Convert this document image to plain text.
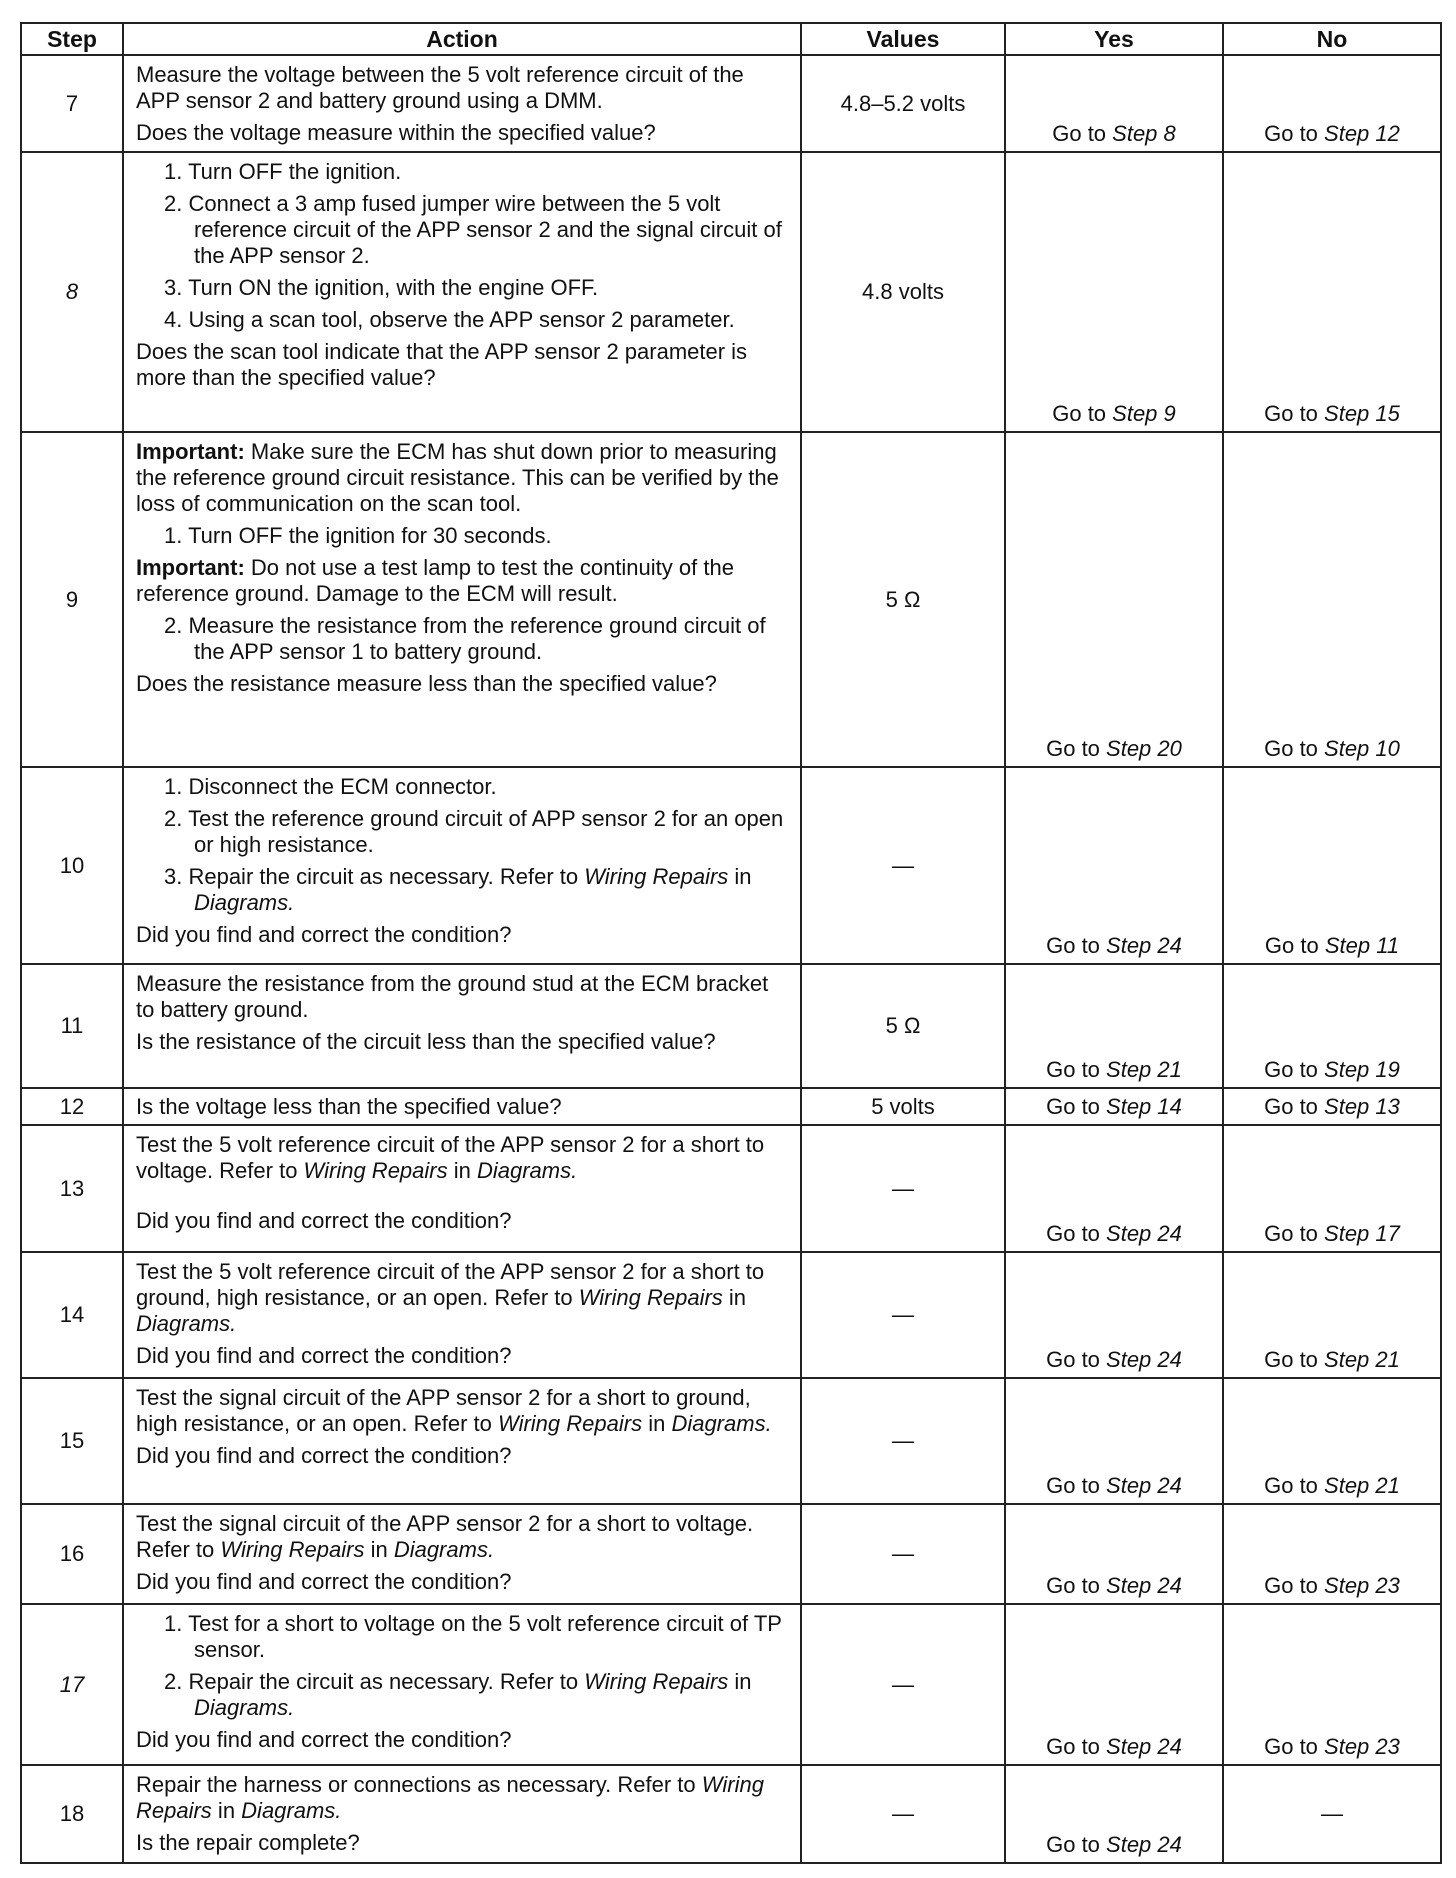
Step	Action	Values	Yes	No
7	Measure the voltage between the 5 volt reference circuit of the APP sensor 2 and battery ground using a DMM.
Does the voltage measure within the specified value?	4.8–5.2 volts	Go to Step 8	Go to Step 12
8	1. Turn OFF the ignition.
2. Connect a 3 amp fused jumper wire between the 5 volt reference circuit of the APP sensor 2 and the signal circuit of the APP sensor 2.
3. Turn ON the ignition, with the engine OFF.
4. Using a scan tool, observe the APP sensor 2 parameter.
Does the scan tool indicate that the APP sensor 2 parameter is more than the specified value?	4.8 volts	Go to Step 9	Go to Step 15
9	Important: Make sure the ECM has shut down prior to measuring the reference ground circuit resistance. This can be verified by the loss of communication on the scan tool.
1. Turn OFF the ignition for 30 seconds.
Important: Do not use a test lamp to test the continuity of the reference ground. Damage to the ECM will result.
2. Measure the resistance from the reference ground circuit of the APP sensor 1 to battery ground.
Does the resistance measure less than the specified value?	5 Ω	Go to Step 20	Go to Step 10
10	1. Disconnect the ECM connector.
2. Test the reference ground circuit of APP sensor 2 for an open or high resistance.
3. Repair the circuit as necessary. Refer to Wiring Repairs in Diagrams.
Did you find and correct the condition?	—	Go to Step 24	Go to Step 11
11	Measure the resistance from the ground stud at the ECM bracket to battery ground.
Is the resistance of the circuit less than the specified value?	5 Ω	Go to Step 21	Go to Step 19
12	Is the voltage less than the specified value?	5 volts	Go to Step 14	Go to Step 13
13	Test the 5 volt reference circuit of the APP sensor 2 for a short to voltage. Refer to Wiring Repairs in Diagrams.
Did you find and correct the condition?	—	Go to Step 24	Go to Step 17
14	Test the 5 volt reference circuit of the APP sensor 2 for a short to ground, high resistance, or an open. Refer to Wiring Repairs in Diagrams.
Did you find and correct the condition?	—	Go to Step 24	Go to Step 21
15	Test the signal circuit of the APP sensor 2 for a short to ground, high resistance, or an open. Refer to Wiring Repairs in Diagrams.
Did you find and correct the condition?	—	Go to Step 24	Go to Step 21
16	Test the signal circuit of the APP sensor 2 for a short to voltage. Refer to Wiring Repairs in Diagrams.
Did you find and correct the condition?	—	Go to Step 24	Go to Step 23
17	1. Test for a short to voltage on the 5 volt reference circuit of TP sensor.
2. Repair the circuit as necessary. Refer to Wiring Repairs in Diagrams.
Did you find and correct the condition?	—	Go to Step 24	Go to Step 23
18	Repair the harness or connections as necessary. Refer to Wiring Repairs in Diagrams.
Is the repair complete?	—	Go to Step 24	—
